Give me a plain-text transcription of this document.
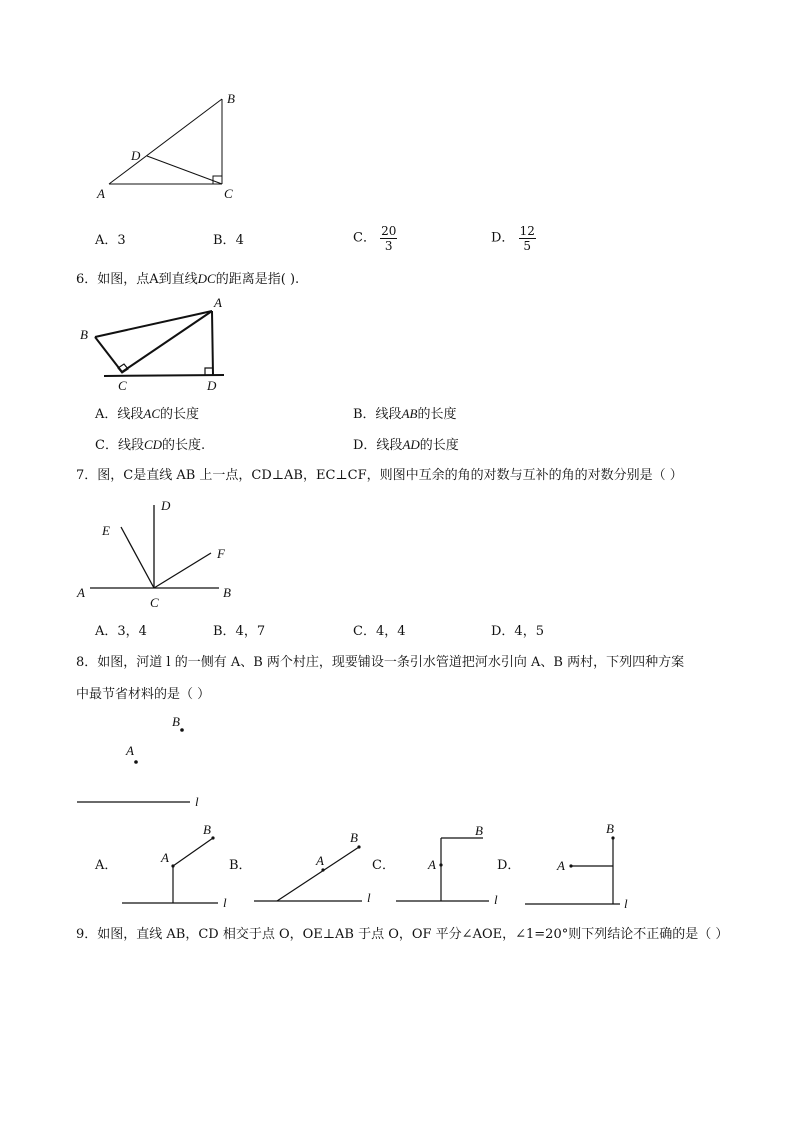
B
D
A	C
A．3	B．4	C． $\frac{20}{3}$	D． $\frac{12}{5}$
6．如图，点A到直线DC的距离是指( ).
A
B
C	D
A．线段AC的长度	B．线段AB的长度
C．线段CD的长度.	D．线段AD的长度
7．图，C是直线 AB 上一点，CD⊥AB，EC⊥CF，则图中互余的角的对数与互补的角的对数分别是（ ）
D
E
F
A
C
B
A．3，4	B．4，7	C．4，4	D．4，5
8．如图，河道 l 的一侧有 A、B 两个村庄，现要铺设一条引水管道把河水引向 A、B 两村，下列四种方案
中最节省材料的是（ ）
B
A
l
A
B
l
A
B
l
A
B
l
A
B
l
A．	B．	C．	D．
9．如图，直线 AB，CD 相交于点 O，OE⊥AB 于点 O，OF 平分∠AOE，∠1=20°则下列结论不正确的是（ ）
